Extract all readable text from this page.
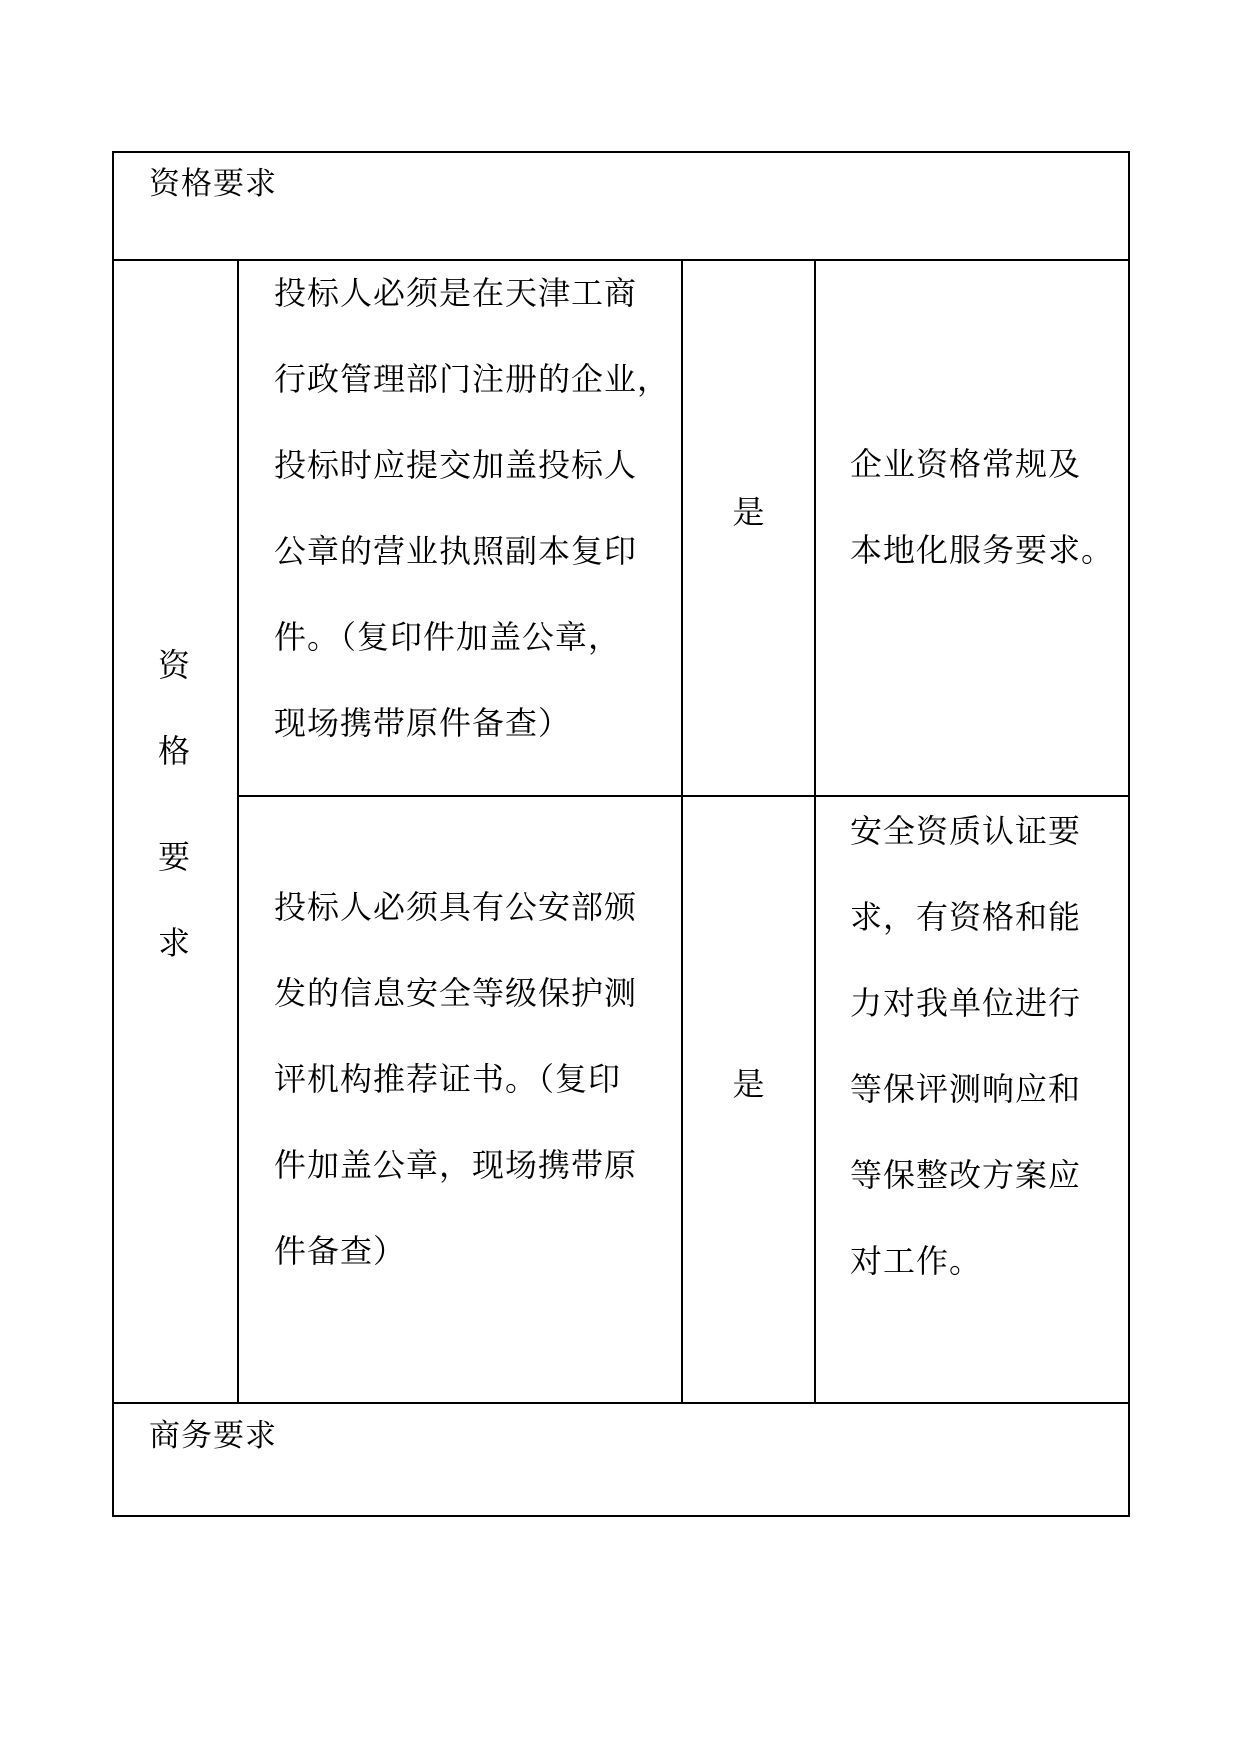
资格要求
资
格
要
求
投标人必须是在天津工商
行政管理部门注册的企业，
投标时应提交加盖投标人
公章的营业执照副本复印
件。（复印件加盖公章，
现场携带原件备查）
是
企业资格常规及
本地化服务要求。
投标人必须具有公安部颁
发的信息安全等级保护测
评机构推荐证书。（复印
件加盖公章，现场携带原
件备查）
是
安全资质认证要
求，有资格和能
力对我单位进行
等保评测响应和
等保整改方案应
对工作。
商务要求
